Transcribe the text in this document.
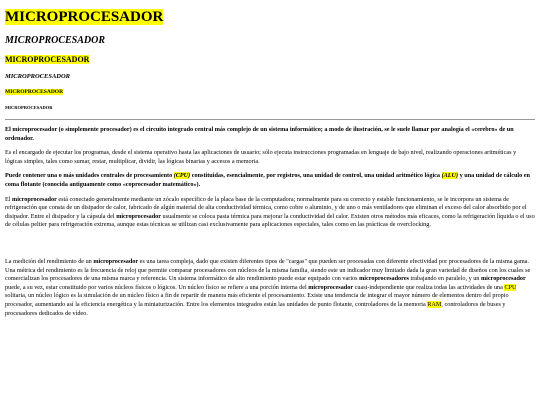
MICROPROCESADOR
MICROPROCESADOR
MICROPROCESADOR
MICROPROCESADOR
MICROPROCESADOR
MICROPROCESADOR

El microprocesador (o simplemente procesador) es el circuito integrado central más complejo de un sistema informático; a modo de ilustración, se le suele llamar por analogía el «cerebro» de un ordenador.

Es el encargado de ejecutar los programas, desde el sistema operativo hasta las aplicaciones de usuario; sólo ejecuta instrucciones programadas en lenguaje de bajo nivel, realizando operaciones aritméticas y lógicas simples, tales como sumar, restar, multiplicar, dividir, las lógicas binarias y accesos a memoria.

Puede contener una o más unidades centrales de procesamiento (CPU) constituidas, esencialmente, por registros, una unidad de control, una unidad aritmético lógica (ALU) y una unidad de cálculo en coma flotante (conocida antiguamente como «coprocesador matemático»).

El microprocesador está conectado generalmente mediante un zócalo específico de la placa base de la computadora; normalmente para su correcto y estable funcionamiento, se le incorpora un sistema de refrigeración que consta de un disipador de calor, fabricado de algún material de alta conductividad térmica, como cobre o aluminio, y de uno o más ventiladores que eliminan el exceso del calor absorbido por el disipador. Entre el disipador y la cápsula del microprocesador usualmente se coloca pasta térmica para mejorar la conductividad del calor. Existen otros métodos más eficaces, como la refrigeración líquida o el uso de células peltier para refrigeración extrema, aunque estas técnicas se utilizan casi exclusivamente para aplicaciones especiales, tales como en las prácticas de overclocking.

La medición del rendimiento de un microprocesador es una tarea compleja, dado que existen diferentes tipos de "cargas" que pueden ser procesadas con diferente efectividad por procesadores de la misma gama. Una métrica del rendimiento es la frecuencia de reloj que permite comparar procesadores con núcleos de la misma familia, siendo este un indicador muy limitado dada la gran variedad de diseños con los cuales se comercializan los procesadores de una misma marca y referencia. Un sistema informático de alto rendimiento puede estar equipado con varios microprocesadores trabajando en paralelo, y un microprocesador puede, a su vez, estar constituido por varios núcleos físicos o lógicos. Un núcleo físico se refiere a una porción interna del microprocesador cuasi-independiente que realiza todas las actividades de una CPU solitaria, un núcleo lógico es la simulación de un núcleo físico a fin de repartir de manera más eficiente el procesamiento. Existe una tendencia de integrar el mayor número de elementos dentro del propio procesador, aumentando así la eficiencia energética y la miniaturización. Entre los elementos integrados están las unidades de punto flotante, controladores de la memoria RAM, controladores de buses y procesadores dedicados de vídeo.
